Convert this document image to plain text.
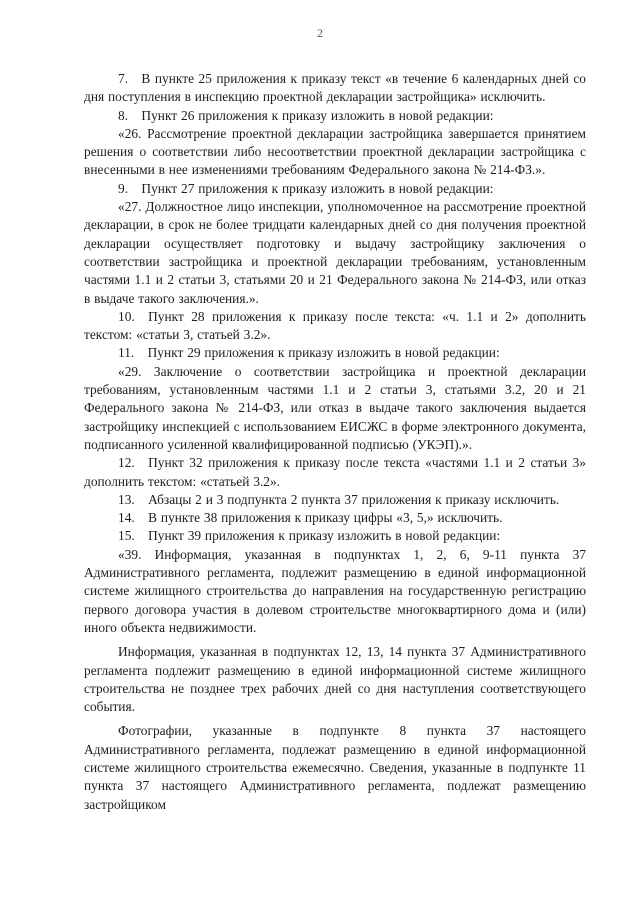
2

7. В пункте 25 приложения к приказу текст «в течение 6 календарных дней со дня поступления в инспекцию проектной декларации застройщика» исключить.

8. Пункт 26 приложения к приказу изложить в новой редакции:

«26. Рассмотрение проектной декларации застройщика завершается принятием решения о соответствии либо несоответствии проектной декларации застройщика с внесенными в нее изменениями требованиям Федерального закона № 214-ФЗ.».

9. Пункт 27 приложения к приказу изложить в новой редакции:

«27. Должностное лицо инспекции, уполномоченное на рассмотрение проектной декларации, в срок не более тридцати календарных дней со дня получения проектной декларации осуществляет подготовку и выдачу застройщику заключения о соответствии застройщика и проектной декларации требованиям, установленным частями 1.1 и 2 статьи 3, статьями 20 и 21 Федерального закона № 214-ФЗ, или отказ в выдаче такого заключения.».

10. Пункт 28 приложения к приказу после текста: «ч. 1.1 и 2» дополнить текстом: «статьи 3, статьей 3.2».

11. Пункт 29 приложения к приказу изложить в новой редакции:

«29. Заключение о соответствии застройщика и проектной декларации требованиям, установленным частями 1.1 и 2 статьи 3, статьями 3.2, 20 и 21 Федерального закона № 214-ФЗ, или отказ в выдаче такого заключения выдается застройщику инспекцией с использованием ЕИСЖС в форме электронного документа, подписанного усиленной квалифицированной подписью (УКЭП).».

12. Пункт 32 приложения к приказу после текста «частями 1.1 и 2 статьи 3» дополнить текстом: «статьей 3.2».

13. Абзацы 2 и 3 подпункта 2 пункта 37 приложения к приказу исключить.

14. В пункте 38 приложения к приказу цифры «3, 5,» исключить.

15. Пункт 39 приложения к приказу изложить в новой редакции:

«39. Информация, указанная в подпунктах 1, 2, 6, 9-11 пункта 37 Административного регламента, подлежит размещению в единой информационной системе жилищного строительства до направления на государственную регистрацию первого договора участия в долевом строительстве многоквартирного дома и (или) иного объекта недвижимости.

Информация, указанная в подпунктах 12, 13, 14 пункта 37 Административного регламента подлежит размещению в единой информационной системе жилищного строительства не позднее трех рабочих дней со дня наступления соответствующего события.

Фотографии, указанные в подпункте 8 пункта 37 настоящего Административного регламента, подлежат размещению в единой информационной системе жилищного строительства ежемесячно. Сведения, указанные в подпункте 11 пункта 37 настоящего Административного регламента, подлежат размещению застройщиком
